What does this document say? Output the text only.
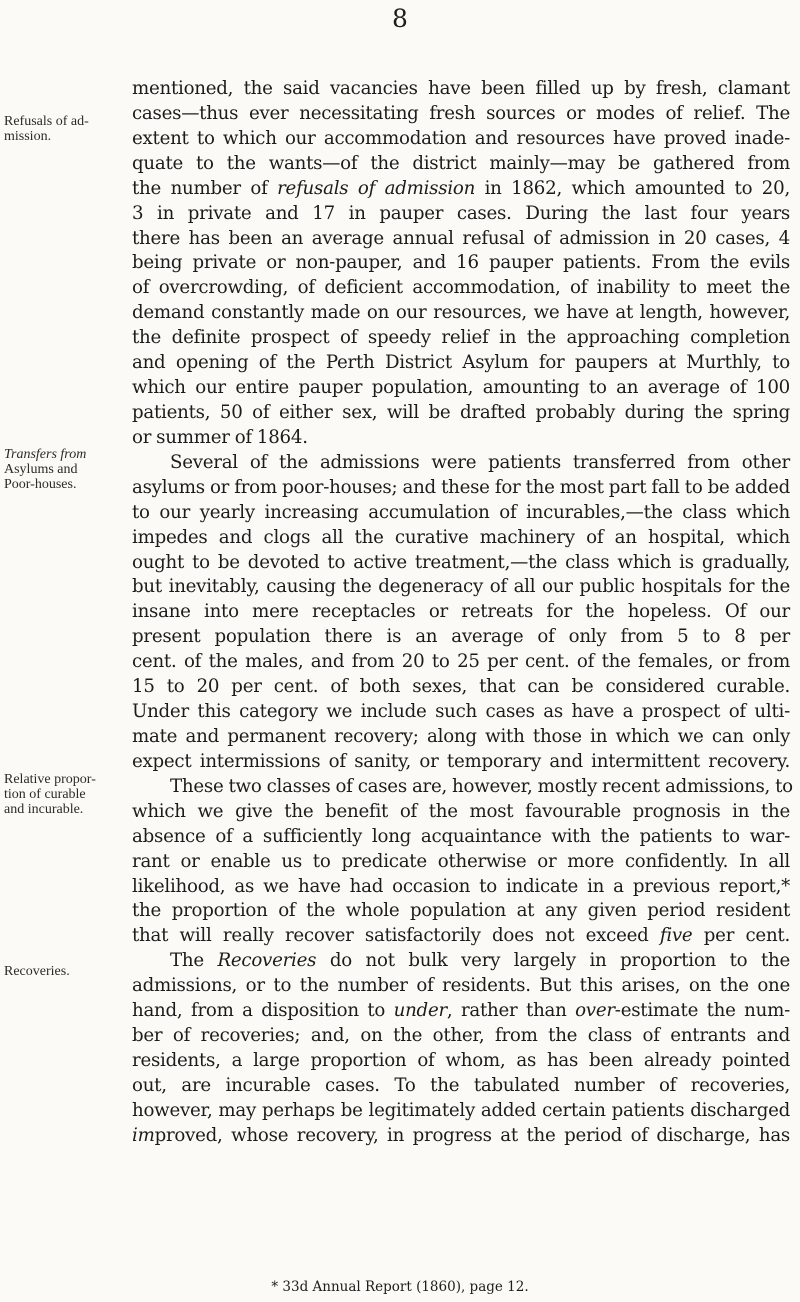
8
Refusals of ad-
mission.
Transfers from
Asylums and
Poor-houses.
Relative propor-
tion of curable
and incurable.
Recoveries.
mentioned, the said vacancies have been filled up by fresh, clamant
cases—thus ever necessitating fresh sources or modes of relief. The
extent to which our accommodation and resources have proved inade-
quate to the wants—of the district mainly—may be gathered from
the number of refusals of admission in 1862, which amounted to 20,
3 in private and 17 in pauper cases. During the last four years
there has been an average annual refusal of admission in 20 cases, 4
being private or non-pauper, and 16 pauper patients. From the evils
of overcrowding, of deficient accommodation, of inability to meet the
demand constantly made on our resources, we have at length, however,
the definite prospect of speedy relief in the approaching completion
and opening of the Perth District Asylum for paupers at Murthly, to
which our entire pauper population, amounting to an average of 100
patients, 50 of either sex, will be drafted probably during the spring
or summer of 1864.
Several of the admissions were patients transferred from other
asylums or from poor-houses; and these for the most part fall to be added
to our yearly increasing accumulation of incurables,—the class which
impedes and clogs all the curative machinery of an hospital, which
ought to be devoted to active treatment,—the class which is gradually,
but inevitably, causing the degeneracy of all our public hospitals for the
insane into mere receptacles or retreats for the hopeless. Of our
present population there is an average of only from 5 to 8 per
cent. of the males, and from 20 to 25 per cent. of the females, or from
15 to 20 per cent. of both sexes, that can be considered curable.
Under this category we include such cases as have a prospect of ulti-
mate and permanent recovery; along with those in which we can only
expect intermissions of sanity, or temporary and intermittent recovery.
These two classes of cases are, however, mostly recent admissions, to
which we give the benefit of the most favourable prognosis in the
absence of a sufficiently long acquaintance with the patients to war-
rant or enable us to predicate otherwise or more confidently. In all
likelihood, as we have had occasion to indicate in a previous report,*
the proportion of the whole population at any given period resident
that will really recover satisfactorily does not exceed five per cent.
The Recoveries do not bulk very largely in proportion to the
admissions, or to the number of residents. But this arises, on the one
hand, from a disposition to under, rather than over-estimate the num-
ber of recoveries; and, on the other, from the class of entrants and
residents, a large proportion of whom, as has been already pointed
out, are incurable cases. To the tabulated number of recoveries,
however, may perhaps be legitimately added certain patients discharged
improved, whose recovery, in progress at the period of discharge, has
* 33d Annual Report (1860), page 12.
